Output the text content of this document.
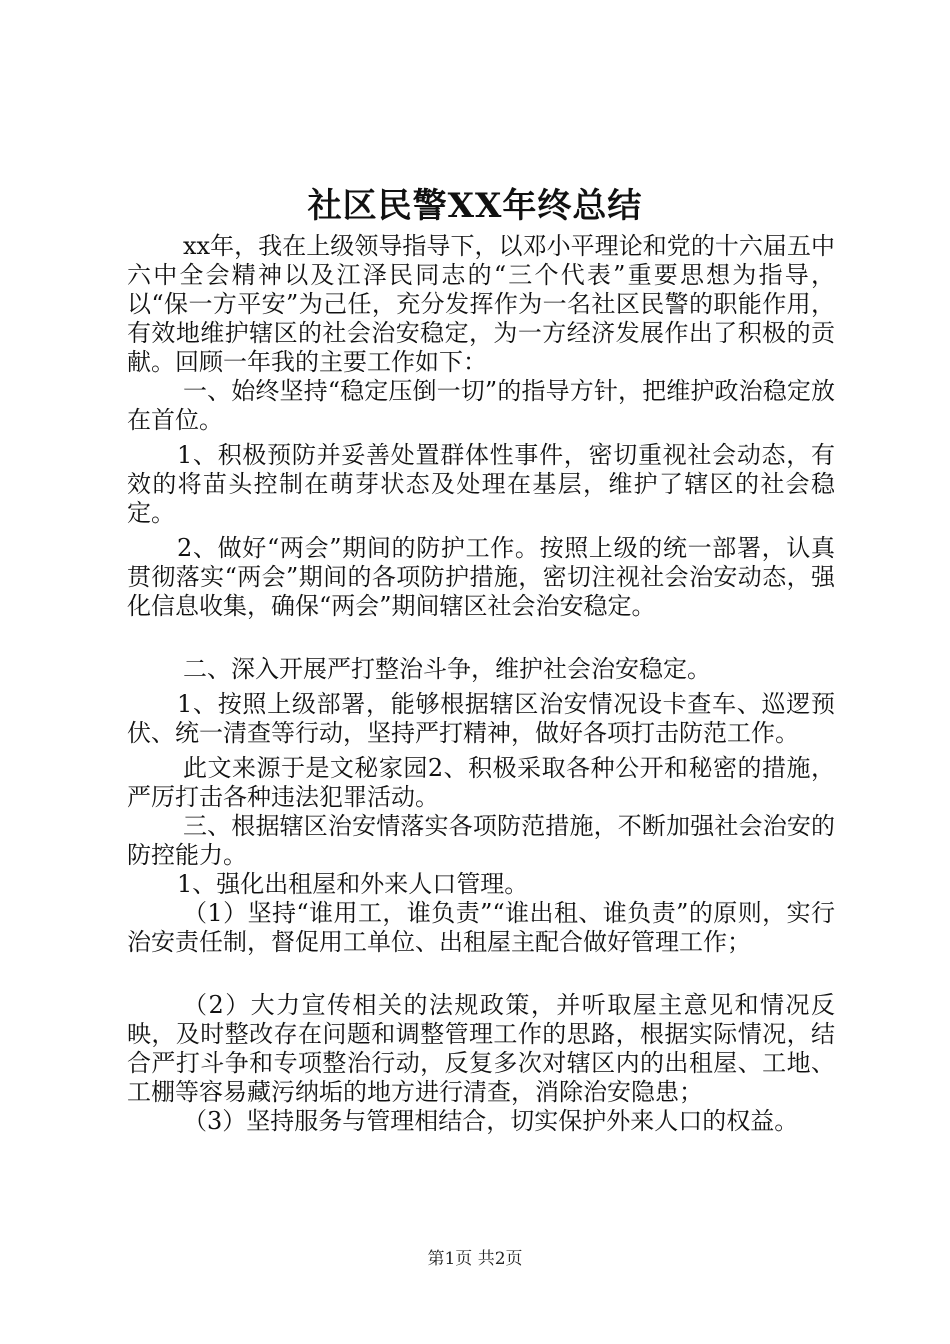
社区民警XX年终总结

xx年，我在上级领导指导下，以邓小平理论和党的十六届五中六中全会精神以及江泽民同志的“三个代表”重要思想为指导，以“保一方平安”为己任，充分发挥作为一名社区民警的职能作用，有效地维护辖区的社会治安稳定，为一方经济发展作出了积极的贡献。回顾一年我的主要工作如下：

一、始终坚持“稳定压倒一切”的指导方针，把维护政治稳定放在首位。

1、积极预防并妥善处置群体性事件，密切重视社会动态，有效的将苗头控制在萌芽状态及处理在基层，维护了辖区的社会稳定。

2、做好“两会”期间的防护工作。按照上级的统一部署，认真贯彻落实“两会”期间的各项防护措施，密切注视社会治安动态，强化信息收集，确保“两会”期间辖区社会治安稳定。

二、深入开展严打整治斗争，维护社会治安稳定。

1、按照上级部署，能够根据辖区治安情况设卡查车、巡逻预伏、统一清查等行动，坚持严打精神，做好各项打击防范工作。

此文来源于是文秘家园2、积极采取各种公开和秘密的措施，严厉打击各种违法犯罪活动。

三、根据辖区治安情落实各项防范措施，不断加强社会治安的防控能力。

1、强化出租屋和外来人口管理。

（1）坚持“谁用工，谁负责”“谁出租、谁负责”的原则，实行治安责任制，督促用工单位、出租屋主配合做好管理工作；

（2）大力宣传相关的法规政策，并听取屋主意见和情况反映，及时整改存在问题和调整管理工作的思路，根据实际情况，结合严打斗争和专项整治行动，反复多次对辖区内的出租屋、工地、工棚等容易藏污纳垢的地方进行清查，消除治安隐患；

（3）坚持服务与管理相结合，切实保护外来人口的权益。

第1页 共2页
